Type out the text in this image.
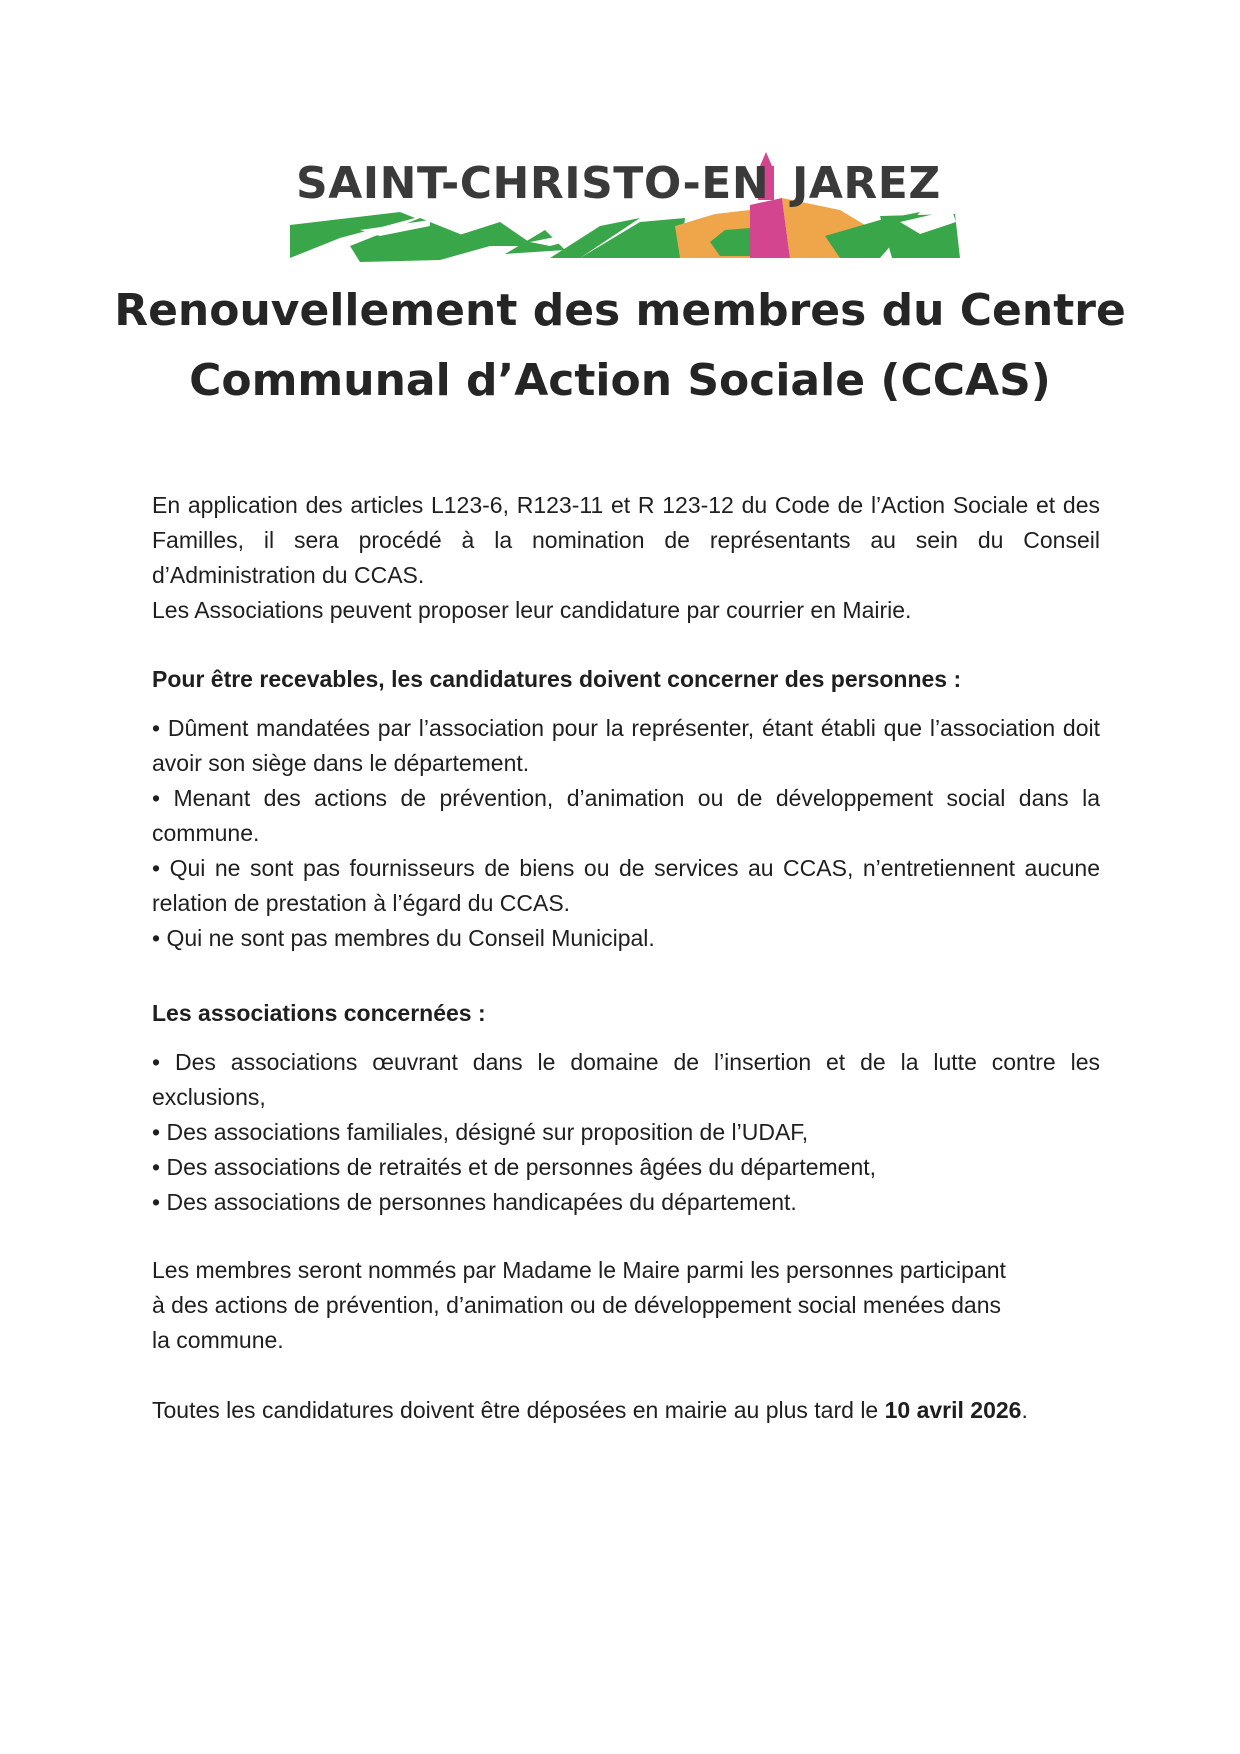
SAINT-CHRISTO-EN JAREZ
Renouvellement des membres du Centre
Communal d’Action Sociale (CCAS)

En application des articles L123-6, R123-11 et R 123-12 du Code de l’Action Sociale et des Familles, il sera procédé à la nomination de représentants au sein du Conseil d’Administration du CCAS.

Les Associations peuvent proposer leur candidature par courrier en Mairie.

Pour être recevables, les candidatures doivent concerner des personnes :

• Dûment mandatées par l’association pour la représenter, étant établi que l’association doit avoir son siège dans le département.
• Menant des actions de prévention, d’animation ou de développement social dans la commune.
• Qui ne sont pas fournisseurs de biens ou de services au CCAS, n’entretiennent aucune relation de prestation à l’égard du CCAS.
• Qui ne sont pas membres du Conseil Municipal.

Les associations concernées :

• Des associations œuvrant dans le domaine de l’insertion et de la lutte contre les exclusions,
• Des associations familiales, désigné sur proposition de l’UDAF,
• Des associations de retraités et de personnes âgées du département,
• Des associations de personnes handicapées du département.
Les membres seront nommés par Madame le Maire parmi les personnes participant
à des actions de prévention, d’animation ou de développement social menées dans
la commune.
Toutes les candidatures doivent être déposées en mairie au plus tard le 10 avril 2026.
